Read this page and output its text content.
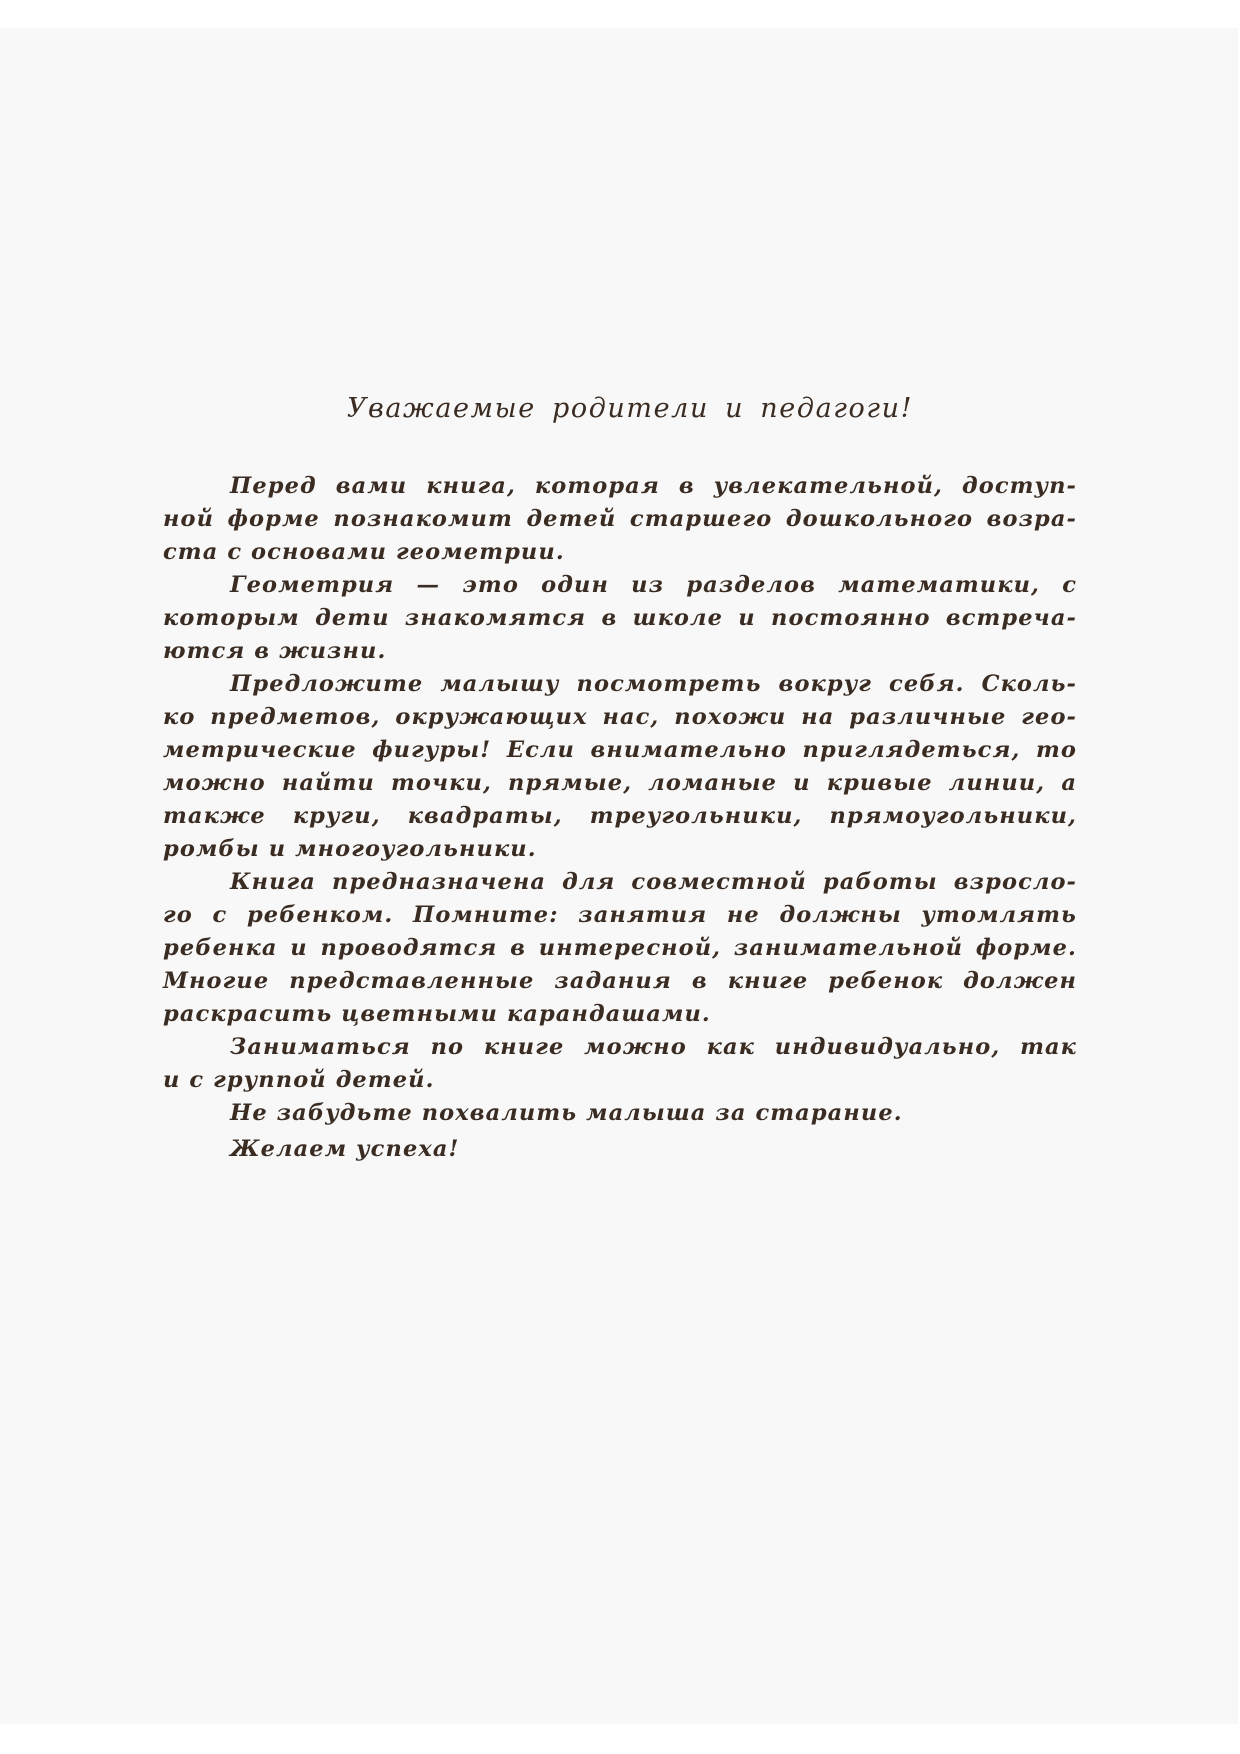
Уважаемые родители и педагоги!
Перед вами книга, которая в увлекательной, доступ-
ной форме познакомит детей старшего дошкольного возра-
ста с основами геометрии.
Геометрия — это один из разделов математики, с
которым дети знакомятся в школе и постоянно встреча-
ются в жизни.
Предложите малышу посмотреть вокруг себя. Сколь-
ко предметов, окружающих нас, похожи на различные гео-
метрические фигуры! Если внимательно приглядеться, то
можно найти точки, прямые, ломаные и кривые линии, а
также круги, квадраты, треугольники, прямоугольники,
ромбы и многоугольники.
Книга предназначена для совместной работы взросло-
го с ребенком. Помните: занятия не должны утомлять
ребенка и проводятся в интересной, занимательной форме.
Многие представленные задания в книге ребенок должен
раскрасить цветными карандашами.
Заниматься по книге можно как индивидуально, так
и с группой детей.
Не забудьте похвалить малыша за старание.
Желаем успеха!
